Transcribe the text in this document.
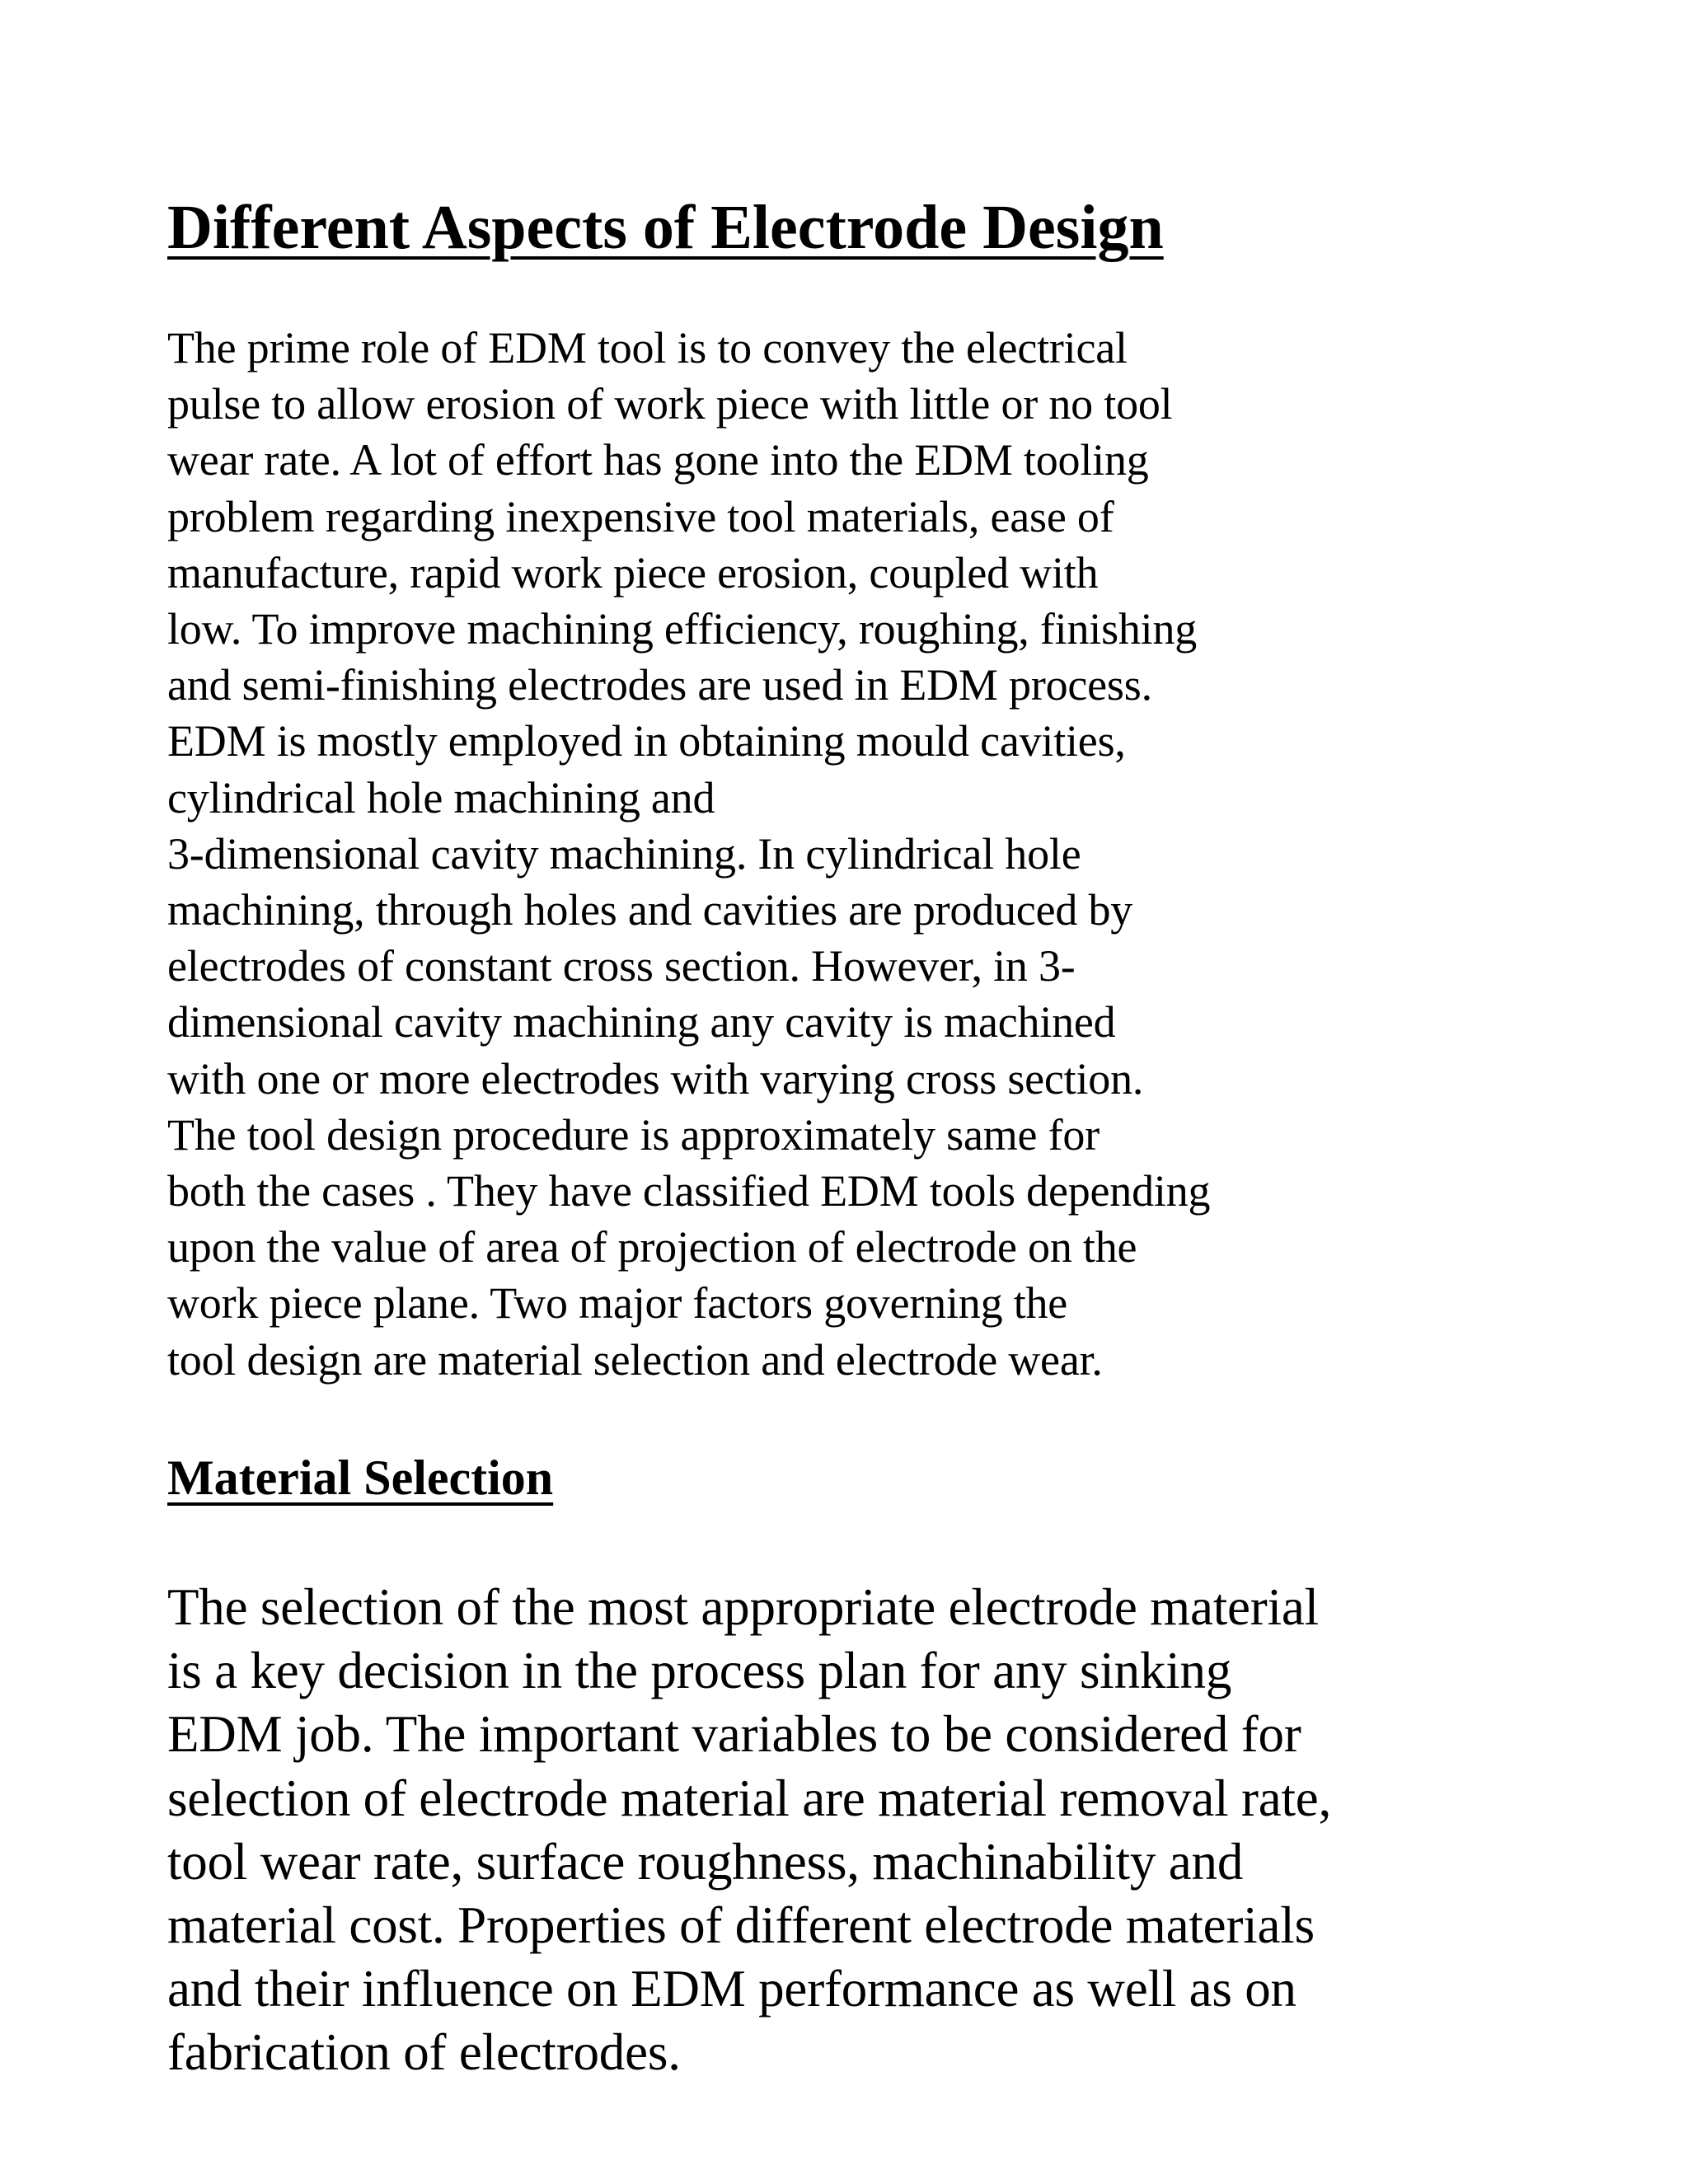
Different Aspects of Electrode Design
The prime role of EDM tool is to convey the electrical
pulse to allow erosion of work piece with little or no tool
wear rate. A lot of effort has gone into the EDM tooling
problem regarding inexpensive tool materials, ease of
manufacture, rapid work piece erosion, coupled with
low. To improve machining efficiency, roughing, finishing
and semi-finishing electrodes are used in EDM process.
EDM is mostly employed in obtaining mould cavities,
cylindrical hole machining and
3-dimensional cavity machining. In cylindrical hole
machining, through holes and cavities are produced by
electrodes of constant cross section. However, in 3-
dimensional cavity machining any cavity is machined
with one or more electrodes with varying cross section.
The tool design procedure is approximately same for
both the cases . They have classified EDM tools depending
upon the value of area of projection of electrode on the
work piece plane. Two major factors governing the
tool design are material selection and electrode wear.
Material Selection
The selection of the most appropriate electrode material
is a key decision in the process plan for any sinking
EDM job. The important variables to be considered for
selection of electrode material are material removal rate,
tool wear rate, surface roughness, machinability and
material cost. Properties of different electrode materials
and their influence on EDM performance as well as on
fabrication of electrodes.
